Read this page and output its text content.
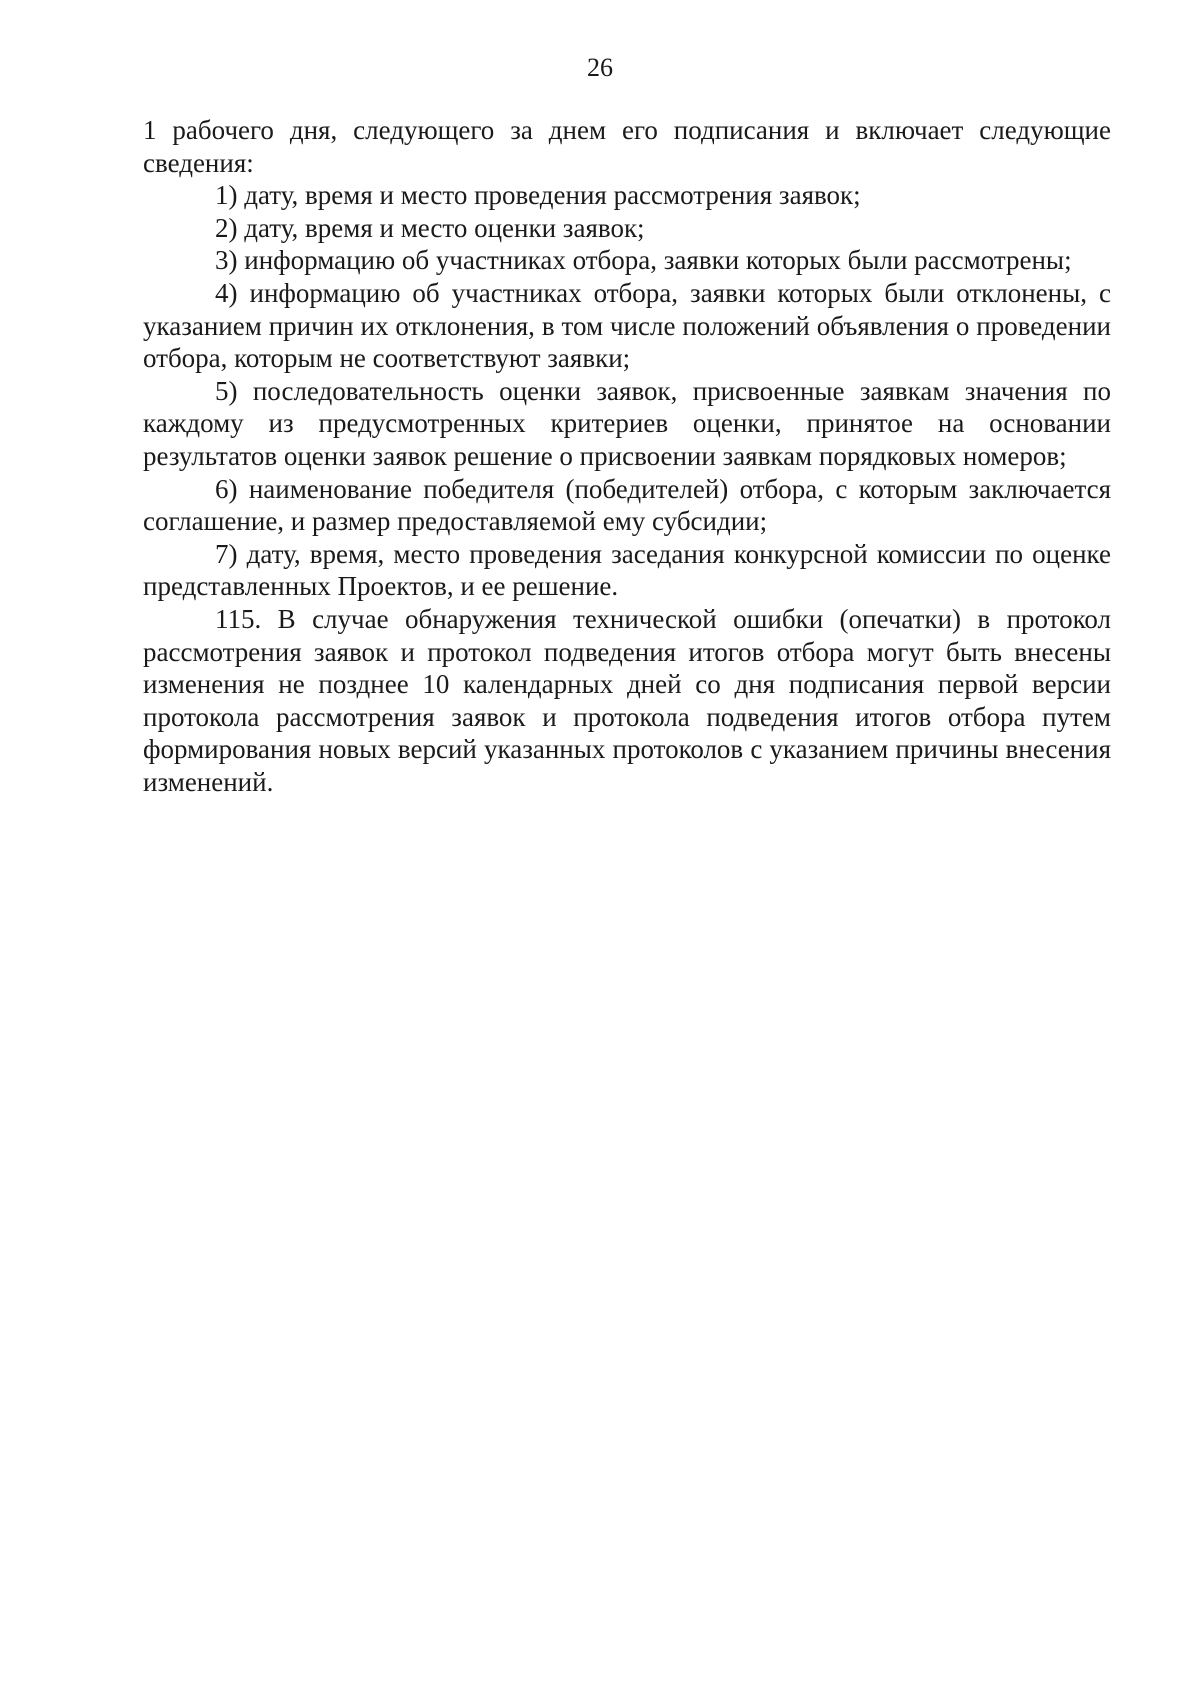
26

1 рабочего дня, следующего за днем его подписания и включает следующие сведения:

1) дату, время и место проведения рассмотрения заявок;

2) дату, время и место оценки заявок;

3) информацию об участниках отбора, заявки которых были рассмотрены;

4) информацию об участниках отбора, заявки которых были отклонены, с указанием причин их отклонения, в том числе положений объявления о проведении отбора, которым не соответствуют заявки;

5) последовательность оценки заявок, присвоенные заявкам значения по каждому из предусмотренных критериев оценки, принятое на основании результатов оценки заявок решение о присвоении заявкам порядковых номеров;

6) наименование победителя (победителей) отбора, с которым заключается соглашение, и размер предоставляемой ему субсидии;

7) дату, время, место проведения заседания конкурсной комиссии по оценке представленных Проектов, и ее решение.

115. В случае обнаружения технической ошибки (опечатки) в протокол рассмотрения заявок и протокол подведения итогов отбора могут быть внесены изменения не позднее 10 календарных дней со дня подписания первой версии протокола рассмотрения заявок и протокола подведения итогов отбора путем формирования новых версий указанных протоколов с указанием причины внесения изменений.
